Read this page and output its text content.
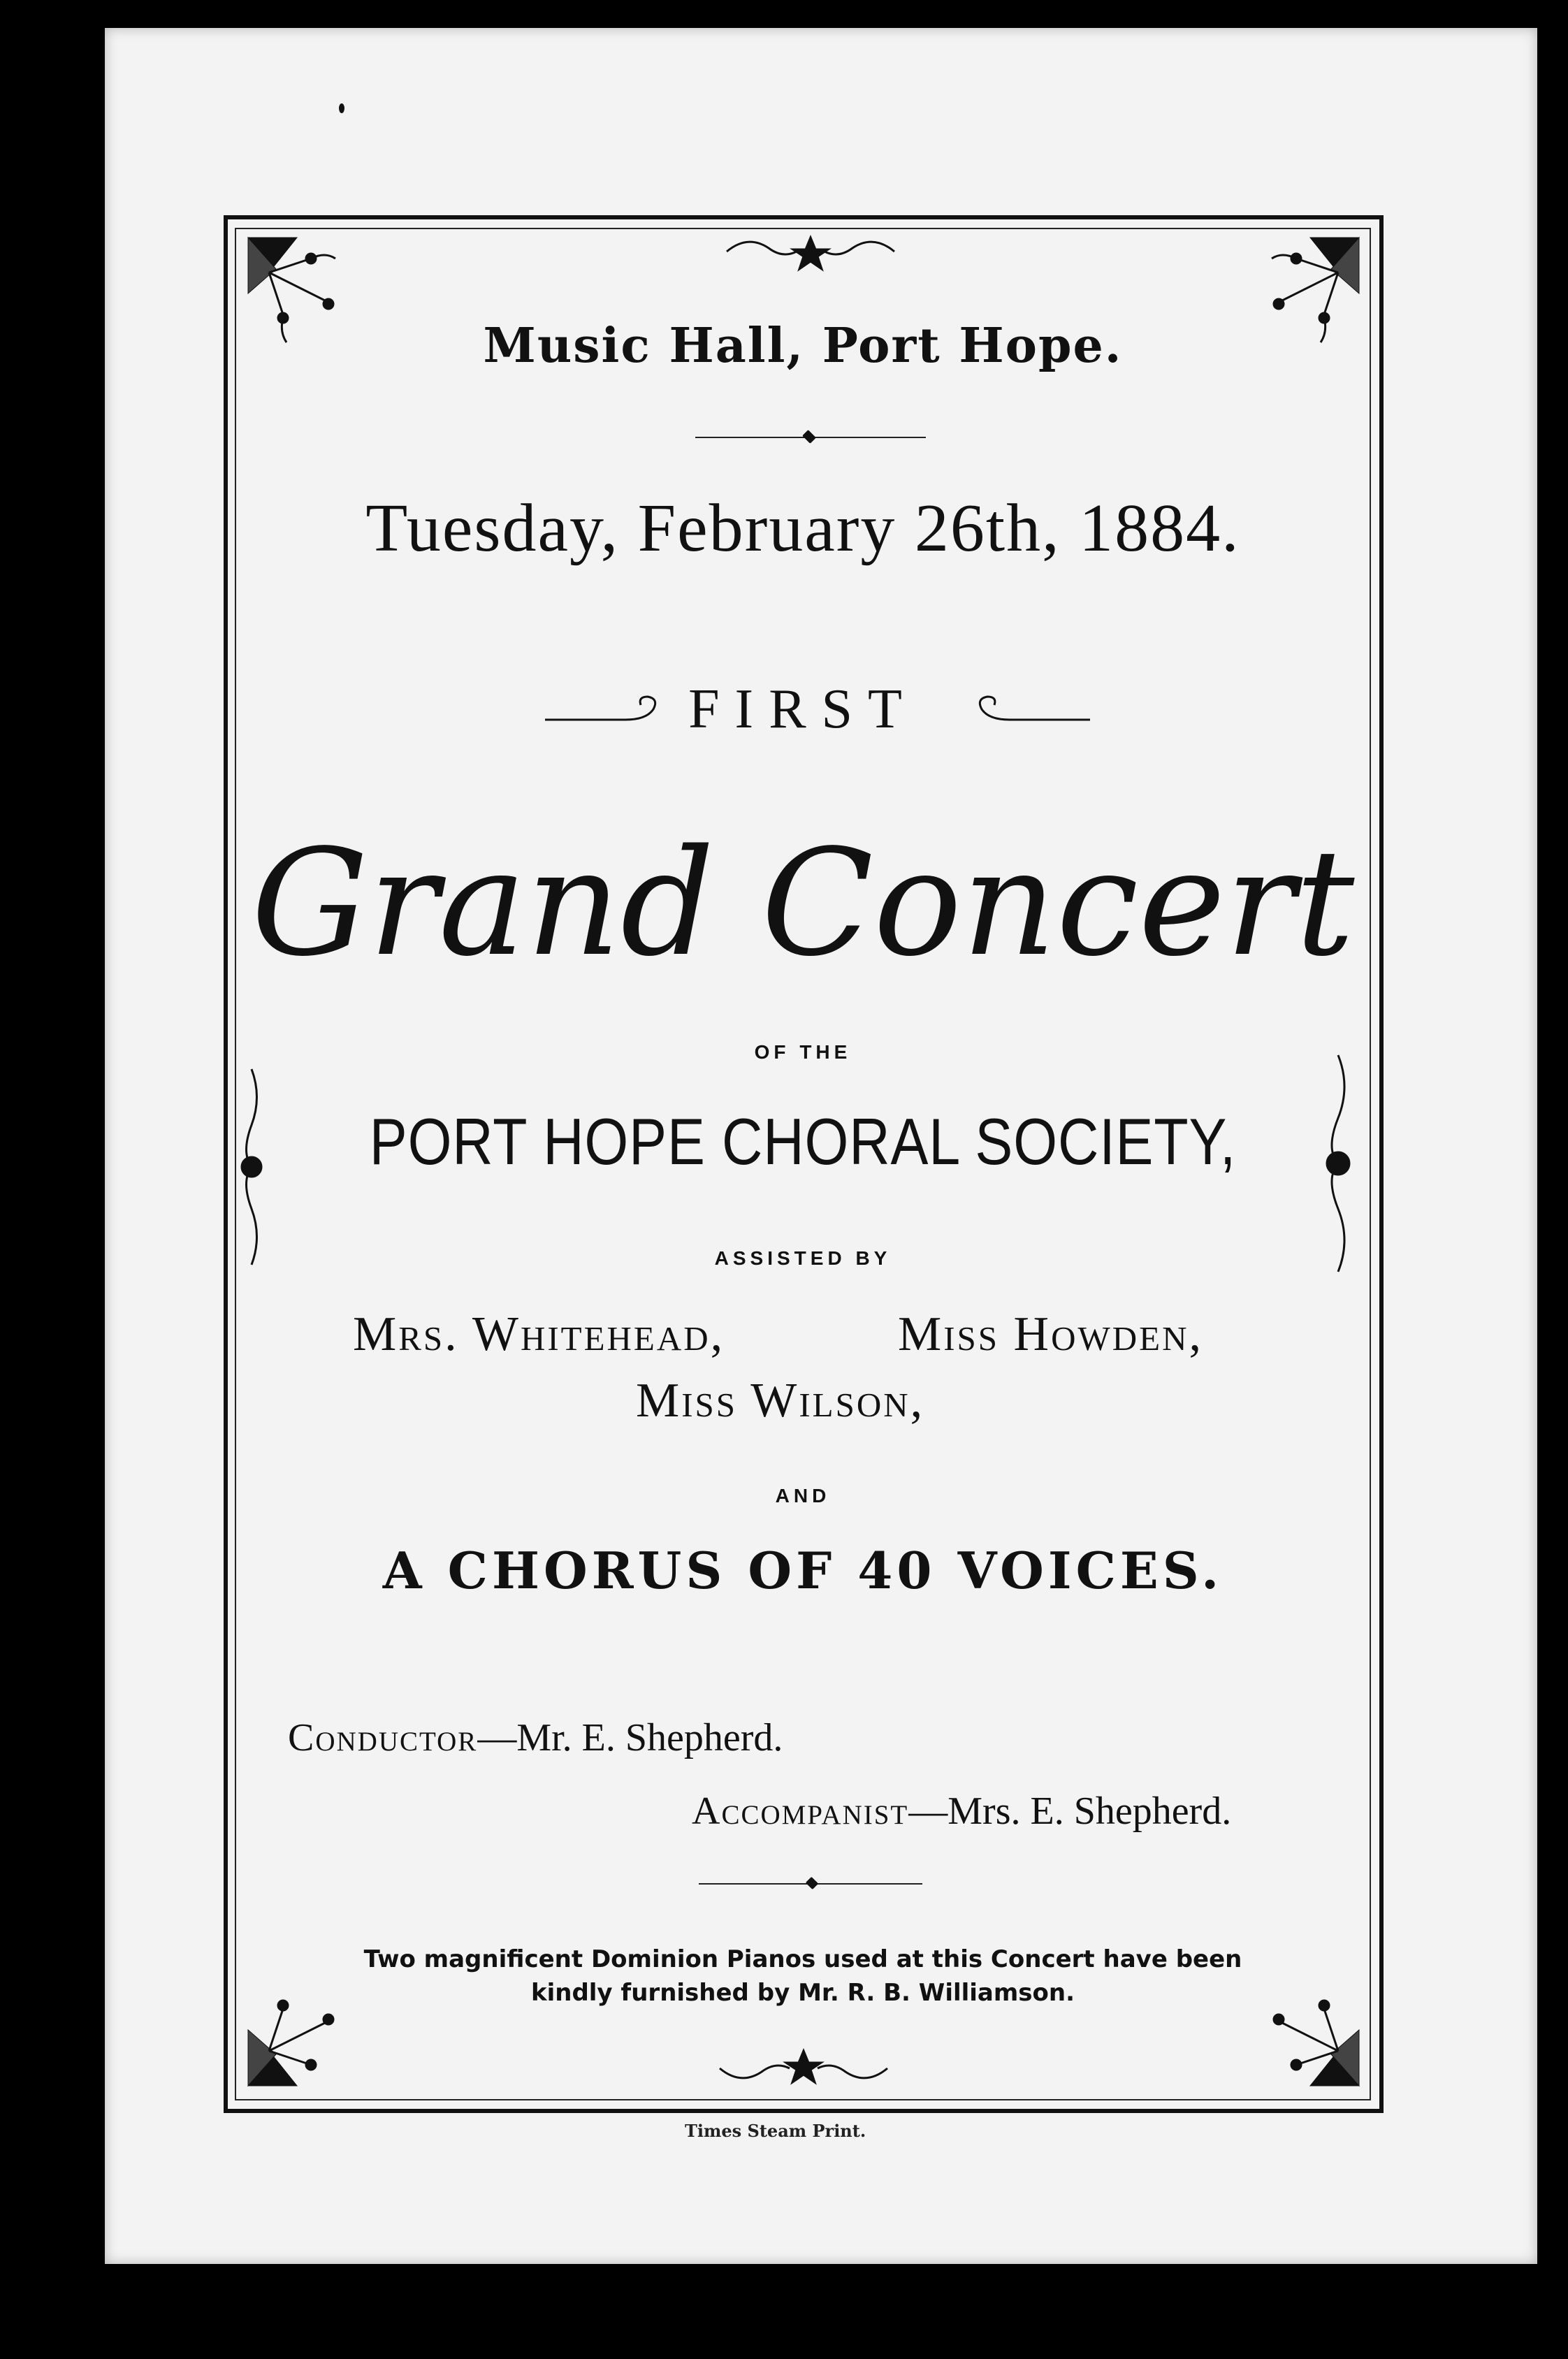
Music Hall, Port Hope.
Tuesday, February 26th, 1884.
FIRST
Grand Concert
OF THE
PORT HOPE CHORAL SOCIETY,
ASSISTED BY
Mrs. Whitehead,	Miss Howden,
Miss Wilson,
AND
A CHORUS OF 40 VOICES.
Conductor—Mr. E. Shepherd.
Accompanist—Mrs. E. Shepherd.
Two magnificent Dominion Pianos used at this Concert have been
kindly furnished by Mr. R. B. Williamson.
Times Steam Print.
